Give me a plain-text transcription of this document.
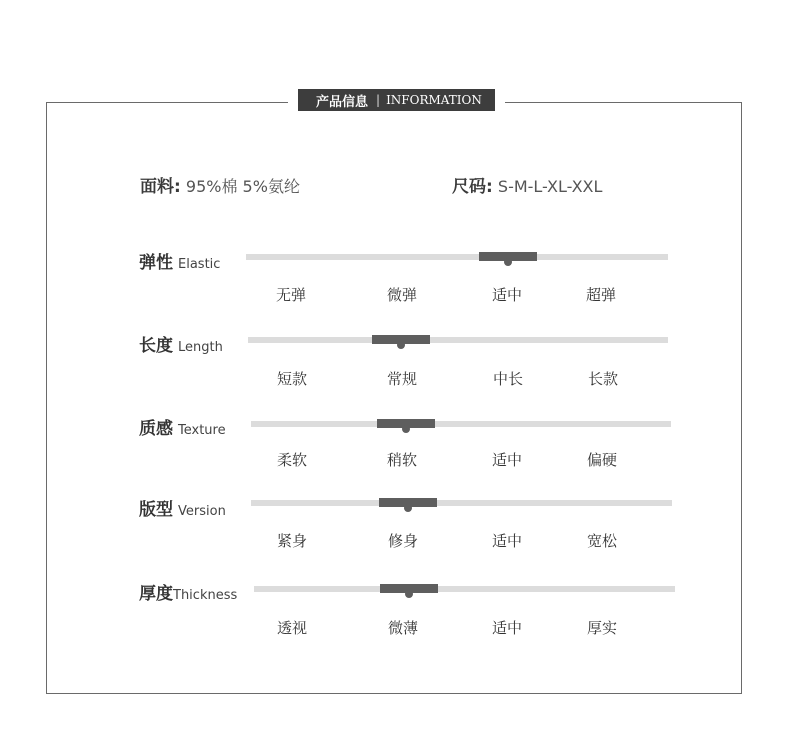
产品信息 | INFORMATION
面料: 95%棉 5%氨纶	尺码: S-M-L-XL-XXL
弹性 Elastic
无弹	微弹	适中	超弹
长度 Length
短款	常规	中长	长款
质感 Texture
柔软	稍软	适中	偏硬
版型 Version
紧身	修身	适中	宽松
厚度Thickness
透视	微薄	适中	厚实
